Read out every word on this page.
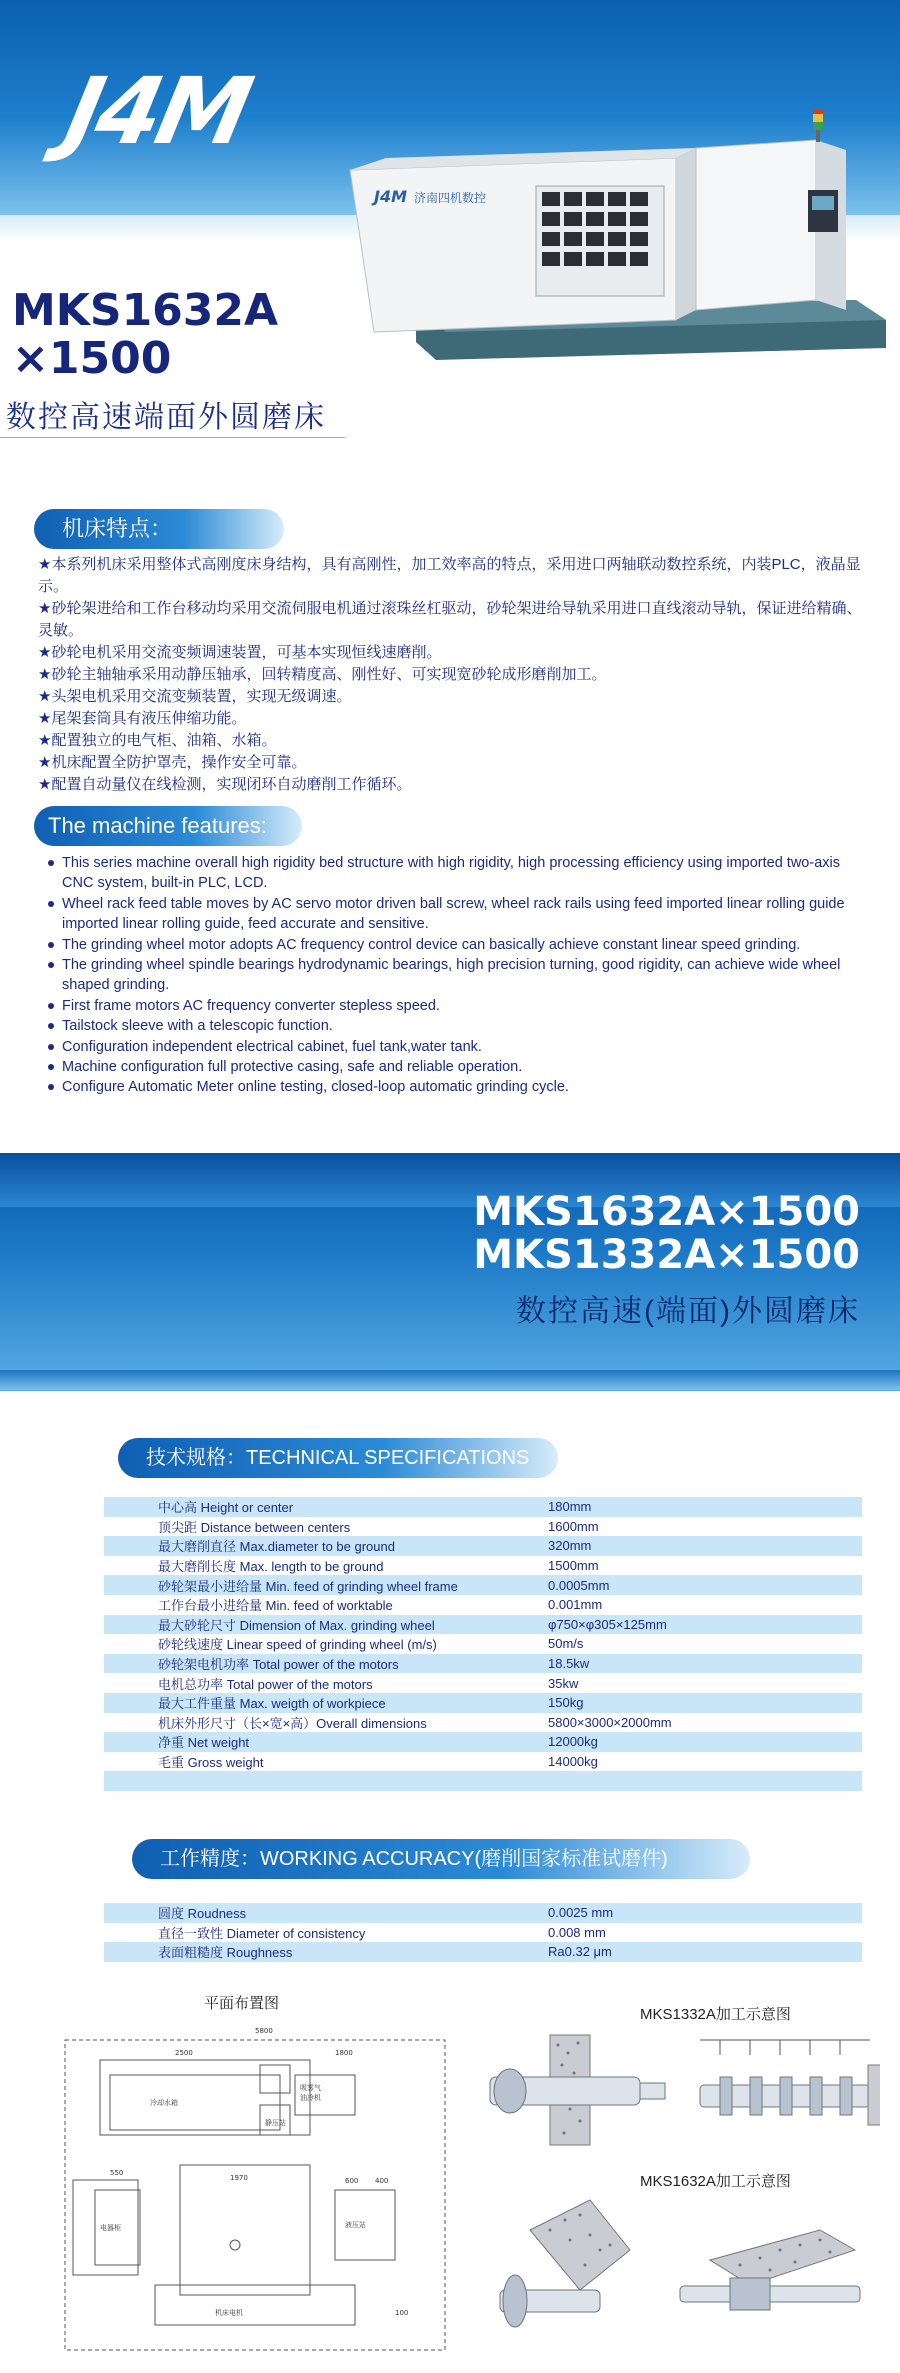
J4M
J4M 济南四机数控
MKS1632A
×1500
数控高速端面外圆磨床
机床特点：
★ 本系列机床采用整体式高刚度床身结构，具有高刚性，加工效率高的特点，采用进口两轴联动数控系统，内装PLC，液晶显示。
★ 砂轮架进给和工作台移动均采用交流伺服电机通过滚珠丝杠驱动，砂轮架进给导轨采用进口直线滚动导轨，保证进给精确、灵敏。
★ 砂轮电机采用交流变频调速装置，可基本实现恒线速磨削。
★ 砂轮主轴轴承采用动静压轴承，回转精度高、刚性好、可实现宽砂轮成形磨削加工。
★ 头架电机采用交流变频装置，实现无级调速。
★ 尾架套筒具有液压伸缩功能。
★ 配置独立的电气柜、油箱、水箱。
★ 机床配置全防护罩壳，操作安全可靠。
★ 配置自动量仪在线检测，实现闭环自动磨削工作循环。
The machine features:
This series machine overall high rigidity bed structure with high rigidity, high processing efficiency using imported two-axis CNC system, built-in PLC, LCD.
Wheel rack feed table moves by AC servo motor driven ball screw, wheel rack rails using feed imported linear rolling guide imported linear rolling guide, feed accurate and sensitive.
The grinding wheel motor adopts AC frequency control device can basically achieve constant linear speed grinding.
The grinding wheel spindle bearings hydrodynamic bearings, high precision turning, good rigidity, can achieve wide wheel shaped grinding.
First frame motors AC frequency converter stepless speed.
Tailstock sleeve with a telescopic function.
Configuration independent electrical cabinet, fuel tank,water tank.
Machine configuration full protective casing, safe and reliable operation.
Configure Automatic Meter online testing, closed-loop automatic grinding cycle.
MKS1632A×1500
MKS1332A×1500
数控高速(端面)外圆磨床
技术规格：TECHNICAL SPECIFICATIONS
中心高 Height or center	180mm
顶尖距 Distance between centers	1600mm
最大磨削直径 Max.diameter to be ground	320mm
最大磨削长度 Max. length to be ground	1500mm
砂轮架最小进给量 Min. feed of grinding wheel frame	0.0005mm
工作台最小进给量 Min. feed of worktable	0.001mm
最大砂轮尺寸 Dimension of Max. grinding wheel	φ750×φ305×125mm
砂轮线速度 Linear speed of grinding wheel (m/s)	50m/s
砂轮架电机功率 Total power of the motors	18.5kw
电机总功率 Total power of the motors	35kw
最大工件重量 Max. weigth of workpiece	150kg
机床外形尺寸（长×宽×高）Overall dimensions	5800×3000×2000mm
净重 Net weight	12000kg
毛重 Gross weight	14000kg

工作精度：WORKING ACCURACY(磨削国家标准试磨件)
圆度 Roudness	0.0025 mm
直径一致性 Diameter of consistency	0.008 mm
表面粗糙度 Roughness	Ra0.32 μm
平面布置图
MKS1332A加工示意图
MKS1632A加工示意图
5800
2500	1800
冷却水箱
吸雾气
油冷机
静压站
1970
电器柜	液压站
机床电机
550
600 400
100
